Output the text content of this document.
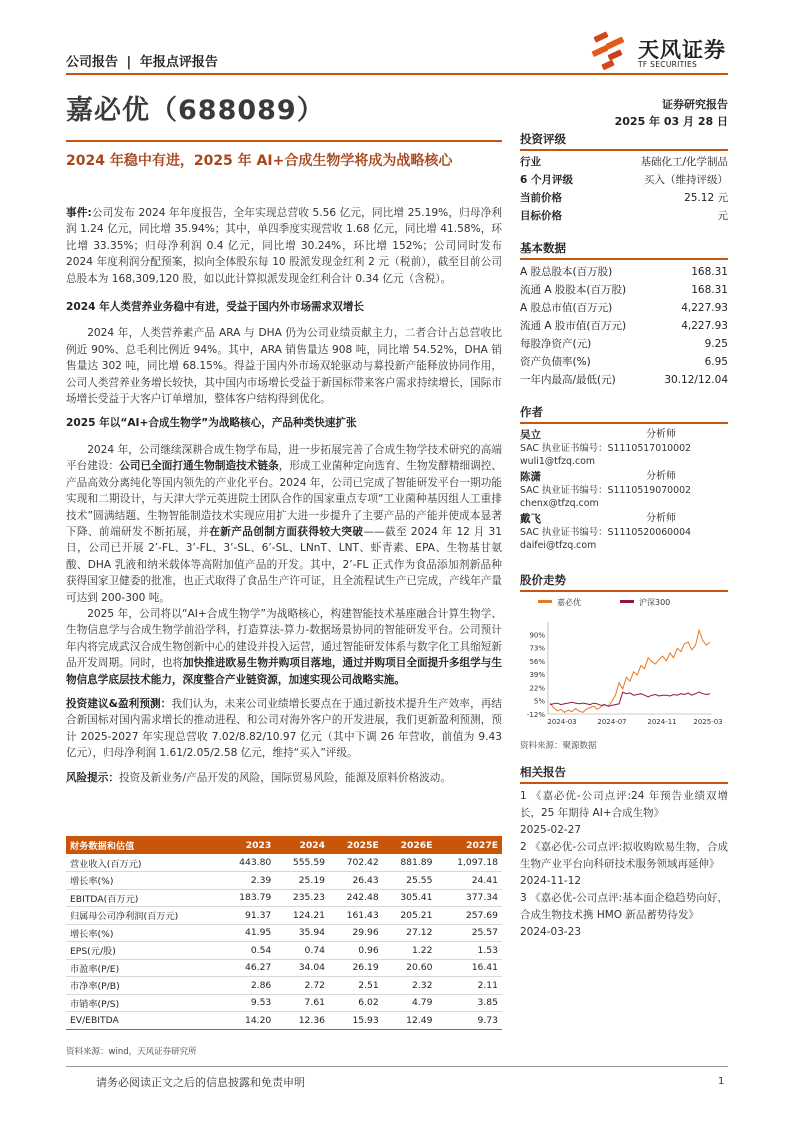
公司报告 | 年报点评报告
天风证券
TF SECURITIES
嘉必优（688089）	证券研究报告
2025 年 03 月 28 日
2024 年稳中有进，2025 年 AI+合成生物学将成为战略核心

事件:公司发布 2024 年年度报告，全年实现总营收 5.56 亿元，同比增 25.19%，归母净利润 1.24 亿元，同比增 35.94%；其中，单四季度实现营收 1.68 亿元，同比增 41.58%，环比增 33.35%；归母净利润 0.4 亿元，同比增 30.24%，环比增 152%；公司同时发布 2024 年度利润分配预案，拟向全体股东每 10 股派发现金红利 2 元（税前），截至目前公司总股本为 168,309,120 股，如以此计算拟派发现金红利合计 0.34 亿元（含税）。

2024 年人类营养业务稳中有进，受益于国内外市场需求双增长

2024 年，人类营养素产品 ARA 与 DHA 仍为公司业绩贡献主力，二者合计占总营收比例近 90%、总毛利比例近 94%。其中，ARA 销售量达 908 吨，同比增 54.52%，DHA 销售量达 302 吨，同比增 68.15%。得益于国内外市场双轮驱动与募投新产能释放协同作用，公司人类营养业务增长较快，其中国内市场增长受益于新国标带来客户需求持续增长，国际市场增长受益于大客户订单增加，整体客户结构得到优化。

2025 年以“AI+合成生物学”为战略核心，产品种类快速扩张

2024 年，公司继续深耕合成生物学布局，进一步拓展完善了合成生物学技术研究的高端平台建设：公司已全面打通生物制造技术链条，形成工业菌种定向选育、生物发酵精细调控、产品高效分离纯化等国内领先的产业化平台。2024 年，公司已完成了智能研发平台一期功能实现和二期设计，与天津大学元英进院士团队合作的国家重点专项“工业菌种基因组人工重排技术”圆满结题、生物智能制造技术实现应用扩大进一步提升了主要产品的产能并使成本显著下降、前端研发不断拓展，并在新产品创制方面获得较大突破——截至 2024 年 12 月 31 日，公司已开展 2’-FL、3’-FL、3’-SL、6’-SL、LNnT、LNT、虾青素、EPA、生物基甘氨酸、DHA 乳液和纳米载体等高附加值产品的开发。其中，2’-FL 正式作为食品添加剂新品种获得国家卫健委的批准，也正式取得了食品生产许可证，且全流程试生产已完成，产线年产量可达到 200-300 吨。

2025 年，公司将以“AI+合成生物学”为战略核心，构建智能技术基座融合计算生物学、生物信息学与合成生物学前沿学科，打造算法-算力-数据场景协同的智能研发平台。公司预计年内将完成武汉合成生物创新中心的建设并投入运营，通过智能研发体系与数字化工具缩短新品开发周期。同时，也将加快推进欧易生物并购项目落地，通过并购项目全面提升多组学与生物信息学底层技术能力，深度整合产业链资源，加速实现公司战略实施。

投资建议&盈利预测：我们认为，未来公司业绩增长要点在于通过新技术提升生产效率，再结合新国标对国内需求增长的推动进程、和公司对海外客户的开发进展，我们更新盈利预测，预计 2025-2027 年实现总营收 7.02/8.82/10.97 亿元（其中下调 26 年营收，前值为 9.43 亿元），归母净利润 1.61/2.05/2.58 亿元，维持“买入”评级。

风险提示：投资及新业务/产品开发的风险，国际贸易风险，能源及原料价格波动。

财务数据和估值	2023	2024	2025E	2026E	2027E
营业收入(百万元)	443.80	555.59	702.42	881.89	1,097.18
增长率(%)	2.39	25.19	26.43	25.55	24.41
EBITDA(百万元)	183.79	235.23	242.48	305.41	377.34
归属母公司净利润(百万元)	91.37	124.21	161.43	205.21	257.69
增长率(%)	41.95	35.94	29.96	27.12	25.57
EPS(元/股)	0.54	0.74	0.96	1.22	1.53
市盈率(P/E)	46.27	34.04	26.19	20.60	16.41
市净率(P/B)	2.86	2.72	2.51	2.32	2.11
市销率(P/S)	9.53	7.61	6.02	4.79	3.85
EV/EBITDA	14.20	12.36	15.93	12.49	9.73
资料来源：wind，天风证券研究所
投资评级
行业	基础化工/化学制品
6 个月评级	买入（维持评级）
当前价格	25.12 元
目标价格	元
基本数据
A 股总股本(百万股)	168.31
流通 A 股股本(百万股)	168.31
A 股总市值(百万元)	4,227.93
流通 A 股市值(百万元)	4,227.93
每股净资产(元)	9.25
资产负债率(%)	6.95
一年内最高/最低(元)	30.12/12.04
作者
吴立	分析师
SAC 执业证书编号：S1110517010002
wuli1@tfzq.com
陈潇	分析师
SAC 执业证书编号：S1110519070002
chenx@tfzq.com
戴飞	分析师
SAC 执业证书编号：S1110520060004
daifei@tfzq.com
股价走势
嘉必优	沪深300
90%
73%
56%
39%
22%
5%
-12%
2024-03	2024-07	2024-11 2025-03
资料来源：聚源数据
相关报告
1 《嘉必优-公司点评:24 年预告业绩双增长，25 年期待 AI+合成生物》
2025-02-27
2 《嘉必优-公司点评:拟收购欧易生物，合成生物产业平台向科研技术服务领域再延伸》
2024-11-12
3 《嘉必优-公司点评:基本面企稳趋势向好，合成生物技术携 HMO 新品蓄势待发》
2024-03-23
请务必阅读正文之后的信息披露和免责申明	1
